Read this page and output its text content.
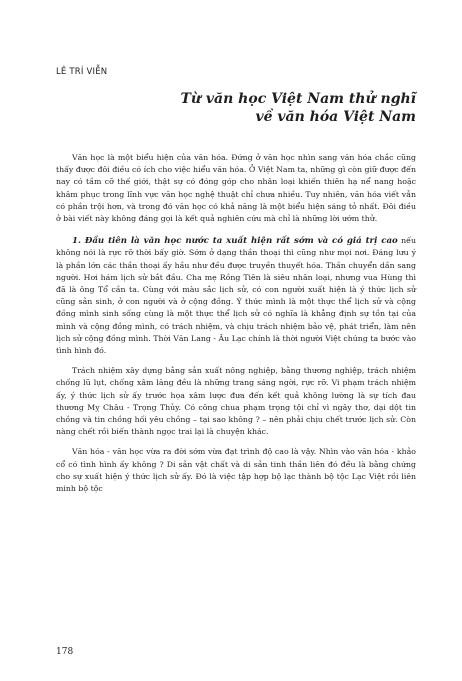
LÊ TRÍ VIỄN
Từ văn học Việt Nam thử nghĩ
về văn hóa Việt Nam

Văn học là một biểu hiện của văn hóa. Đứng ở văn học nhìn sang văn hóa chắc cũng thấy được đôi điều có ích cho việc hiểu văn hóa. Ở Việt Nam ta, những gì còn giữ được đến nay có tầm cỡ thế giới, thật sự có đóng góp cho nhân loại khiến thiên hạ nể nang hoặc khâm phục trong lĩnh vực văn học nghệ thuật chỉ chưa nhiều. Tuy nhiên, văn hóa viết vẫn có phần trội hơn, và trong đó văn học có khả năng là một biểu hiện sáng tỏ nhất. Đôi điều ở bài viết này không đáng gọi là kết quả nghiên cứu mà chỉ là những lời ướm thử.

1. Đầu tiên là văn học nước ta xuất hiện rất sớm và có giá trị cao nếu không nói là rực rỡ thời bấy giờ. Sớm ở dạng thần thoại thì cũng như mọi nơi. Đáng lưu ý là phần lớn các thần thoại ấy hầu như đều được truyền thuyết hóa. Thần chuyển dần sang người. Hơi hám lịch sử bắt đầu. Cha mẹ Rồng Tiên là siêu nhân loại, nhưng vua Hùng thì đã là ông Tổ cần ta. Cùng với màu sắc lịch sử, có con người xuất hiện là ý thức lịch sử cũng sản sinh, ở con người và ở cộng đồng. Ý thức mình là một thực thể lịch sử và cộng đồng mình sinh sống cùng là một thực thể lịch sử có nghĩa là khẳng định sự tồn tại của mình và cộng đồng mình, có trách nhiệm, và chịu trách nhiệm bảo vệ, phát triển, làm nên lịch sử cộng đồng mình. Thời Văn Lang - Âu Lạc chính là thời người Việt chúng ta bước vào tình hình đó.

Trách nhiệm xây dựng bằng sản xuất nông nghiệp, bằng thương nghiệp, trách nhiệm chống lũ lụt, chống xâm lăng đều là những trang sáng ngời, rực rỡ. Vi phạm trách nhiệm ấy, ý thức lịch sử ấy trước họa xâm lược đưa đến kết quả không lường là sự tích đau thương Mỵ Châu - Trọng Thủy. Có công chua phạm trọng tội chỉ vì ngây thơ, dại dột tin chồng và tin chồng hối yêu chồng – tại sao không ? – nên phải chịu chết trước lịch sử. Còn nàng chết rồi biến thành ngọc trai lại là chuyện khác.

Văn hóa - văn học vừa ra đời sớm vừa đạt trình độ cao là vậy. Nhìn vào văn hóa - khảo cổ có tình hình ấy không ? Di sản vật chất và di sản tinh thần liên đó đều là bằng chứng cho sự xuất hiện ý thức lịch sử ấy. Đó là việc tập hợp bộ lạc thành bộ tộc Lạc Việt rồi liên minh bộ tộc

178
